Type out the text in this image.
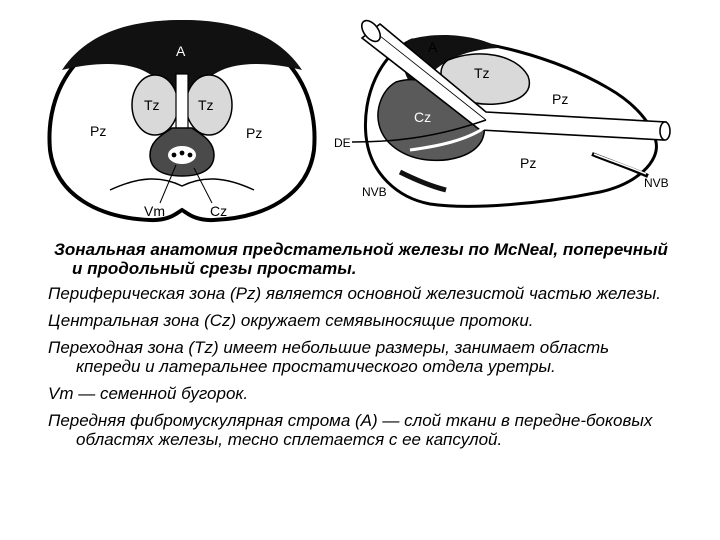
A
Tz	Tz
Pz	Pz
Vm	Cz
A
Tz
Pz
Cz
Pz
DE
NVB
NVB

Зональная анатомия предстательной железы по McNeal, поперечный и продольный срезы простаты.

Периферическая зона (Pz) является основной железистой частью железы.

Центральная зона (Cz) окружает семявыносящие протоки.

Переходная зона (Tz) имеет небольшие размеры, занимает область кпереди и латеральнее простатического отдела уретры.

Vm — семенной бугорок.

Передняя фибромускулярная строма (А) — слой ткани в передне-боковых областях железы, тесно сплетается с ее капсулой.
